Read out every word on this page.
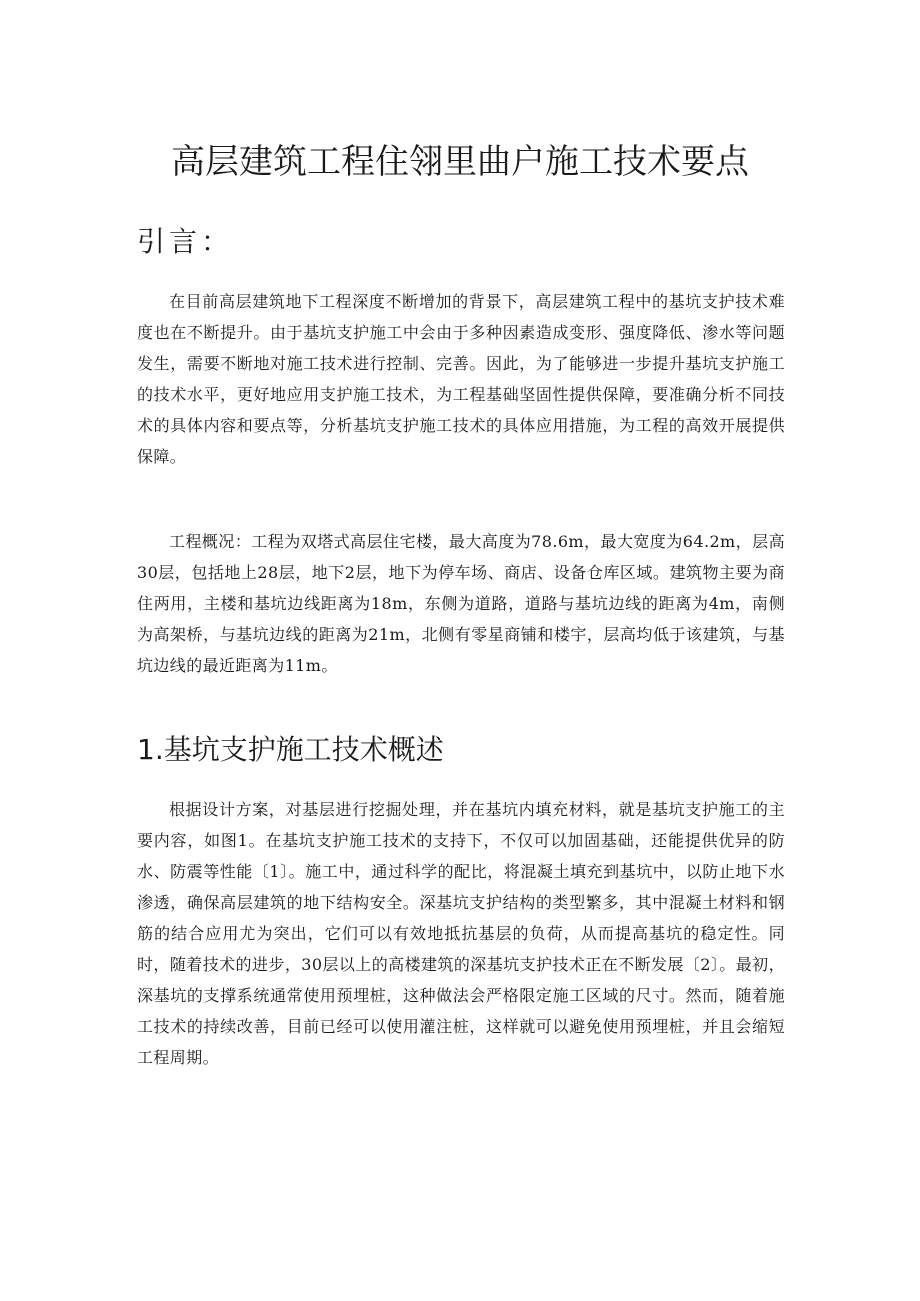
高层建筑工程住翎里曲户施工技术要点
引言：

在目前高层建筑地下工程深度不断增加的背景下，高层建筑工程中的基坑支护技术难度也在不断提升。由于基坑支护施工中会由于多种因素造成变形、强度降低、渗水等问题发生，需要不断地对施工技术进行控制、完善。因此，为了能够进一步提升基坑支护施工的技术水平，更好地应用支护施工技术，为工程基础坚固性提供保障，要准确分析不同技术的具体内容和要点等，分析基坑支护施工技术的具体应用措施，为工程的高效开展提供保障。

工程概况：工程为双塔式高层住宅楼，最大高度为78.6m，最大宽度为64.2m，层高30层，包括地上28层，地下2层，地下为停车场、商店、设备仓库区域。建筑物主要为商住两用，主楼和基坑边线距离为18m，东侧为道路，道路与基坑边线的距离为4m，南侧为高架桥，与基坑边线的距离为21m，北侧有零星商铺和楼宇，层高均低于该建筑，与基坑边线的最近距离为11m。

1.基坑支护施工技术概述

根据设计方案，对基层进行挖掘处理，并在基坑内填充材料，就是基坑支护施工的主要内容，如图1。在基坑支护施工技术的支持下，不仅可以加固基础，还能提供优异的防水、防震等性能〔1〕。施工中，通过科学的配比，将混凝土填充到基坑中，以防止地下水渗透，确保高层建筑的地下结构安全。深基坑支护结构的类型繁多，其中混凝土材料和钢筋的结合应用尤为突出，它们可以有效地抵抗基层的负荷，从而提高基坑的稳定性。同时，随着技术的进步，30层以上的高楼建筑的深基坑支护技术正在不断发展〔2〕。最初，深基坑的支撑系统通常使用预埋桩，这种做法会严格限定施工区域的尺寸。然而，随着施工技术的持续改善，目前已经可以使用灌注桩，这样就可以避免使用预埋桩，并且会缩短工程周期。
